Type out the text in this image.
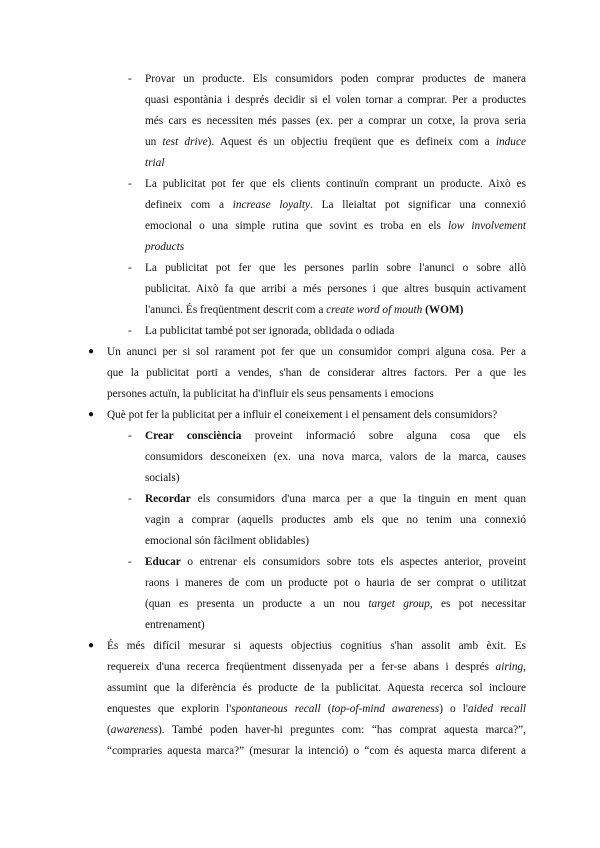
- Provar un producte. Els consumidors poden comprar productes de manera
quasi espontània i després decidir si el volen tornar a comprar. Per a productes
més cars es necessiten més passes (ex. per a comprar un cotxe, la prova seria
un test drive). Aquest és un objectiu freqüent que es defineix com a induce
trial
- La publicitat pot fer que els clients continuïn comprant un producte. Això es
defineix com a increase loyalty. La lleialtat pot significar una connexió
emocional o una simple rutina que sovint es troba en els low involvement
products
- La publicitat pot fer que les persones parlin sobre l'anunci o sobre allò
publicitat. Això fa que arribi a més persones i que altres busquin activament
l'anunci. És freqüentment descrit com a create word of mouth (WOM)
- La publicitat també pot ser ignorada, oblidada o odiada
● Un anunci per si sol rarament pot fer que un consumidor compri alguna cosa. Per a
que la publicitat porti a vendes, s'han de considerar altres factors. Per a que les
persones actuïn, la publicitat ha d'influir els seus pensaments i emocions
● Què pot fer la publicitat per a influir el coneixement i el pensament dels consumidors?
- Crear consciència proveint informació sobre alguna cosa que els
consumidors desconeixen (ex. una nova marca, valors de la marca, causes
socials)
- Recordar els consumidors d'una marca per a que la tinguin en ment quan
vagin a comprar (aquells productes amb els que no tenim una connexió
emocional són fàcilment oblidables)
- Educar o entrenar els consumidors sobre tots els aspectes anterior, proveint
raons i maneres de com un producte pot o hauria de ser comprat o utilitzat
(quan es presenta un producte a un nou target group, es pot necessitar
entrenament)
● És més difícil mesurar si aquests objectius cognitius s'han assolit amb èxit. Es
requereix d'una recerca freqüentment dissenyada per a fer-se abans i després airing,
assumint que la diferència és producte de la publicitat. Aquesta recerca sol incloure
enquestes que explorin l'spontaneous recall (top-of-mind awareness) o l'aided recall
(awareness). També poden haver-hi preguntes com: “has comprat aquesta marca?”,
“compraries aquesta marca?” (mesurar la intenció) o “com és aquesta marca diferent a
